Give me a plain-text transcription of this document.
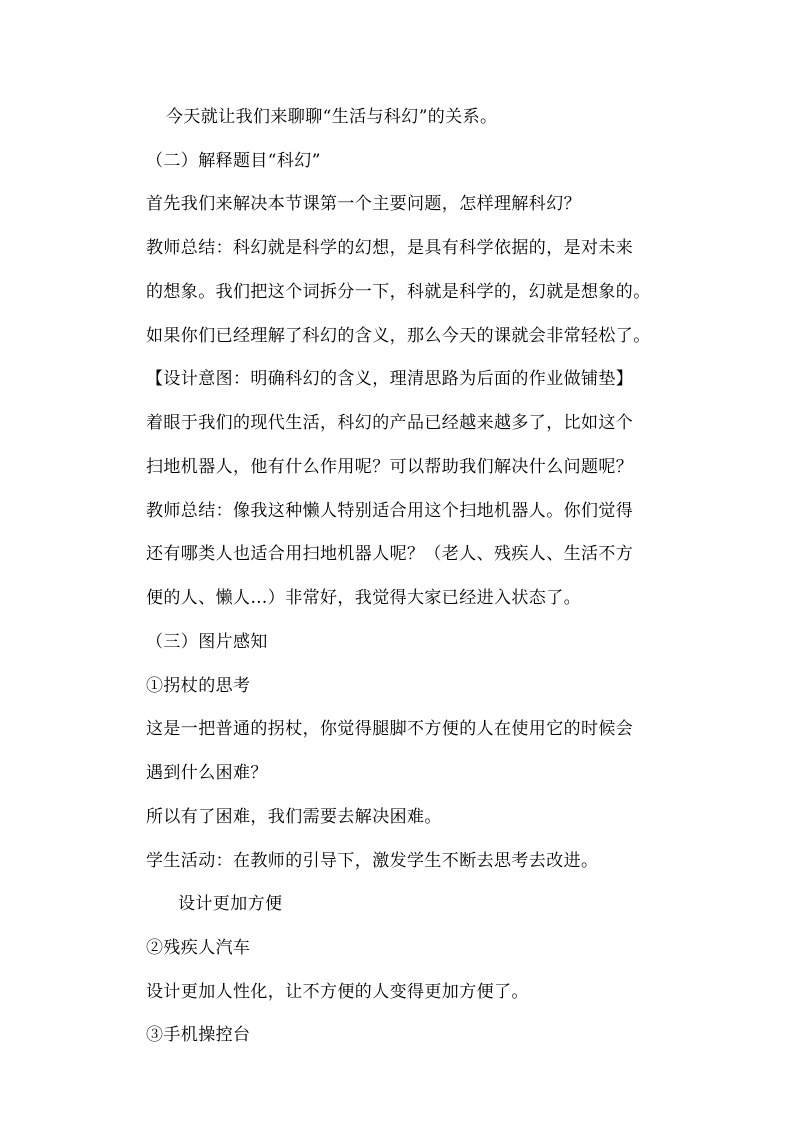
今天就让我们来聊聊“生活与科幻”的关系。
（二）解释题目“科幻”
首先我们来解决本节课第一个主要问题，怎样理解科幻？
教师总结：科幻就是科学的幻想，是具有科学依据的，是对未来
的想象。我们把这个词拆分一下，科就是科学的，幻就是想象的。
如果你们已经理解了科幻的含义，那么今天的课就会非常轻松了。
【设计意图：明确科幻的含义，理清思路为后面的作业做铺垫】
着眼于我们的现代生活，科幻的产品已经越来越多了，比如这个
扫地机器人，他有什么作用呢？可以帮助我们解决什么问题呢？
教师总结：像我这种懒人特别适合用这个扫地机器人。你们觉得
还有哪类人也适合用扫地机器人呢？（老人、残疾人、生活不方
便的人、懒人…）非常好，我觉得大家已经进入状态了。
（三）图片感知
①拐杖的思考
这是一把普通的拐杖，你觉得腿脚不方便的人在使用它的时候会
遇到什么困难？
所以有了困难，我们需要去解决困难。
学生活动：在教师的引导下，激发学生不断去思考去改进。
设计更加方便
②残疾人汽车
设计更加人性化，让不方便的人变得更加方便了。
③手机操控台
